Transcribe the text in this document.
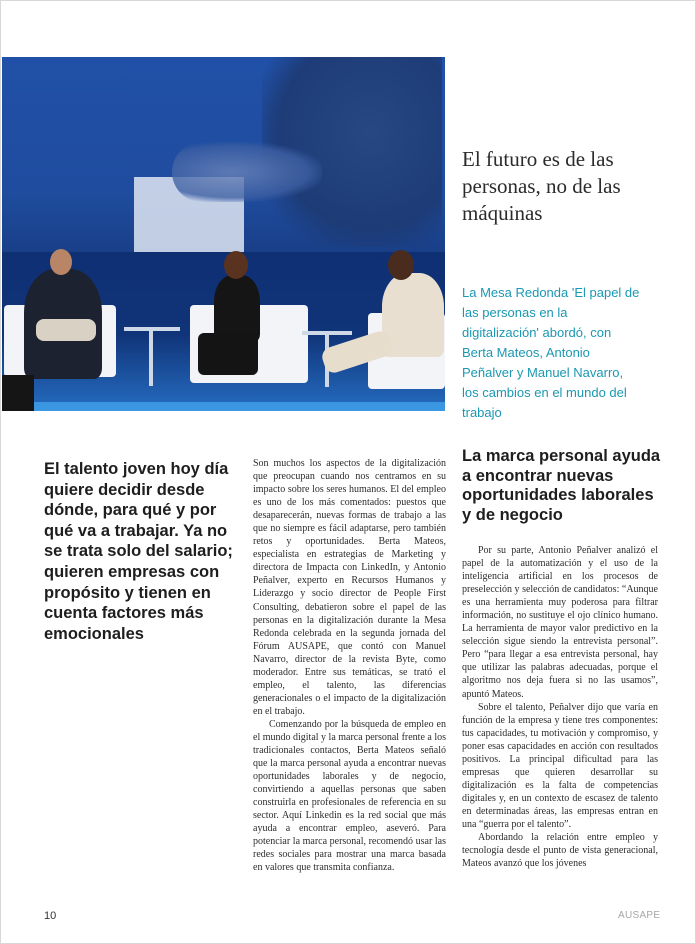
El futuro es de las personas, no de las máquinas

La Mesa Redonda 'El papel de las personas en la digitalización' abordó, con Berta Mateos, Antonio Peñalver y Manuel Navarro, los cambios en el mundo del trabajo

El talento joven hoy día quiere decidir desde dónde, para qué y por qué va a trabajar. Ya no se trata solo del salario; quieren empresas con propósito y tienen en cuenta factores más emocionales

Son muchos los aspectos de la digitalización que preocupan cuando nos centramos en su impacto sobre los seres humanos. El del empleo es uno de los más comentados: puestos que desaparecerán, nuevas formas de trabajo a las que no siempre es fácil adaptarse, pero también retos y oportunidades. Berta Mateos, especialista en estrategias de Marketing y directora de Impacta con LinkedIn, y Antonio Peñalver, experto en Recursos Humanos y Liderazgo y socio director de People First Consulting, debatieron sobre el papel de las personas en la digitalización durante la Mesa Redonda celebrada en la segunda jornada del Fórum AUSAPE, que contó con Manuel Navarro, director de la revista Byte, como moderador. Entre sus temáticas, se trató el empleo, el talento, las diferencias generacionales o el impacto de la digitalización en el trabajo.

Comenzando por la búsqueda de empleo en el mundo digital y la marca personal frente a los tradicionales contactos, Berta Mateos señaló que la marca personal ayuda a encontrar nuevas oportunidades laborales y de negocio, convirtiendo a aquellas personas que saben construirla en profesionales de referencia en su sector. Aquí Linkedin es la red social que más ayuda a encontrar empleo, aseveró. Para potenciar la marca personal, recomendó usar las redes sociales para mostrar una marca basada en valores que transmita confianza.

La marca personal ayuda a encontrar nuevas oportunidades laborales y de negocio

Por su parte, Antonio Peñalver analizó el papel de la automatización y el uso de la inteligencia artificial en los procesos de preselección y selección de candidatos: “Aunque es una herramienta muy poderosa para filtrar información, no sustituye el ojo clínico humano. La herramienta de mayor valor predictivo en la selección sigue siendo la entrevista personal”. Pero “para llegar a esa entrevista personal, hay que utilizar las palabras adecuadas, porque el algoritmo nos deja fuera si no las usamos”, apuntó Mateos.

Sobre el talento, Peñalver dijo que varía en función de la empresa y tiene tres componentes: tus capacidades, tu motivación y compromiso, y poner esas capacidades en acción con resultados positivos. La principal dificultad para las empresas que quieren desarrollar su digitalización es la falta de competencias digitales y, en un contexto de escasez de talento en determinadas áreas, las empresas entran en una “guerra por el talento”.

Abordando la relación entre empleo y tecnología desde el punto de vista generacional, Mateos avanzó que los jóvenes

10	AUSAPE
